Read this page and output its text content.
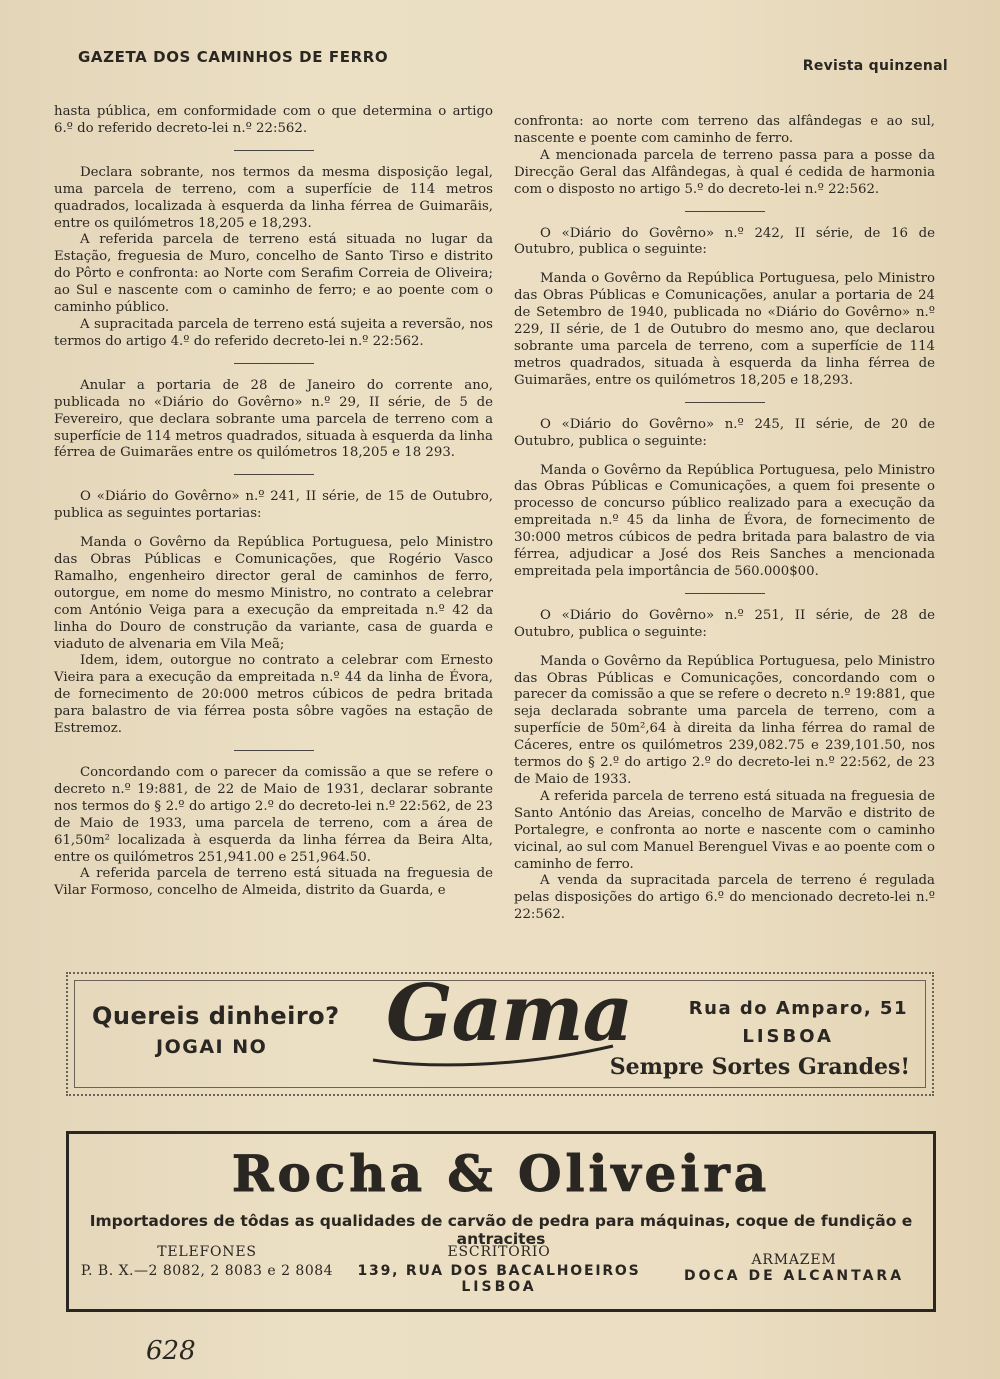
GAZETA DOS CAMINHOS DE FERRO	Revista quinzenal

hasta pública, em conformidade com o que determina o artigo 6.º do referido decreto-lei n.º 22:562.

Declara sobrante, nos termos da mesma disposição legal, uma parcela de terreno, com a superfície de 114 metros quadrados, localizada à esquerda da linha férrea de Guimarãis, entre os quilómetros 18,205 e 18,293.

A referida parcela de terreno está situada no lugar da Estação, freguesia de Muro, concelho de Santo Tirso e distrito do Pôrto e confronta: ao Norte com Serafim Correia de Oliveira; ao Sul e nascente com o caminho de ferro; e ao poente com o caminho público.

A supracitada parcela de terreno está sujeita a reversão, nos termos do artigo 4.º do referido decreto-lei n.º 22:562.

Anular a portaria de 28 de Janeiro do corrente ano, publicada no «Diário do Govêrno» n.º 29, II série, de 5 de Fevereiro, que declara sobrante uma parcela de terreno com a superfície de 114 metros quadrados, situada à esquerda da linha férrea de Guimarães entre os quilómetros 18,205 e 18 293.

O «Diário do Govêrno» n.º 241, II série, de 15 de Outubro, publica as seguintes portarias:

Manda o Govêrno da República Portuguesa, pelo Ministro das Obras Públicas e Comunicações, que Rogério Vasco Ramalho, engenheiro director geral de caminhos de ferro, outorgue, em nome do mesmo Ministro, no contrato a celebrar com António Veiga para a execução da empreitada n.º 42 da linha do Douro de construção da variante, casa de guarda e viaduto de alvenaria em Vila Meã;

Idem, idem, outorgue no contrato a celebrar com Ernesto Vieira para a execução da empreitada n.º 44 da linha de Évora, de fornecimento de 20:000 metros cúbicos de pedra britada para balastro de via férrea posta sôbre vagões na estação de Estremoz.

Concordando com o parecer da comissão a que se refere o decreto n.º 19:881, de 22 de Maio de 1931, declarar sobrante nos termos do § 2.º do artigo 2.º do decreto-lei n.º 22:562, de 23 de Maio de 1933, uma parcela de terreno, com a área de 61,50m² localizada à esquerda da linha férrea da Beira Alta, entre os quilómetros 251,941.00 e 251,964.50.

A referida parcela de terreno está situada na freguesia de Vilar Formoso, concelho de Almeida, distrito da Guarda, e

confronta: ao norte com terreno das alfândegas e ao sul, nascente e poente com caminho de ferro.

A mencionada parcela de terreno passa para a posse da Direcção Geral das Alfândegas, à qual é cedida de harmonia com o disposto no artigo 5.º do decreto-lei n.º 22:562.

O «Diário do Govêrno» n.º 242, II série, de 16 de Outubro, publica o seguinte:

Manda o Govêrno da República Portuguesa, pelo Ministro das Obras Públicas e Comunicações, anular a portaria de 24 de Setembro de 1940, publicada no «Diário do Govêrno» n.º 229, II série, de 1 de Outubro do mesmo ano, que declarou sobrante uma parcela de terreno, com a superfície de 114 metros quadrados, situada à esquerda da linha férrea de Guimarães, entre os quilómetros 18,205 e 18,293.

O «Diário do Govêrno» n.º 245, II série, de 20 de Outubro, publica o seguinte:

Manda o Govêrno da República Portuguesa, pelo Ministro das Obras Públicas e Comunicações, a quem foi presente o processo de concurso público realizado para a execução da empreitada n.º 45 da linha de Évora, de fornecimento de 30:000 metros cúbicos de pedra britada para balastro de via férrea, adjudicar a José dos Reis Sanches a mencionada empreitada pela importância de 560.000$00.

O «Diário do Govêrno» n.º 251, II série, de 28 de Outubro, publica o seguinte:

Manda o Govêrno da República Portuguesa, pelo Ministro das Obras Públicas e Comunicações, concordando com o parecer da comissão a que se refere o decreto n.º 19:881, que seja declarada sobrante uma parcela de terreno, com a superfície de 50m²,64 à direita da linha férrea do ramal de Cáceres, entre os quilómetros 239,082.75 e 239,101.50, nos termos do § 2.º do artigo 2.º do decreto-lei n.º 22:562, de 23 de Maio de 1933.

A referida parcela de terreno está situada na freguesia de Santo António das Areias, concelho de Marvão e distrito de Portalegre, e confronta ao norte e nascente com o caminho vicinal, ao sul com Manuel Berenguel Vivas e ao poente com o caminho de ferro.

A venda da supracitada parcela de terreno é regulada pelas disposições do artigo 6.º do mencionado decreto-lei n.º 22:562.

Quereis dinheiro?
JOGAI NO Gama	Rua do Amparo, 51
LISBOA
Sempre Sortes Grandes!
Rocha & Oliveira
Importadores de tôdas as qualidades de carvão de pedra para máquinas, coque de fundição e antracites
TELEFONES
P. B. X.—2 8082, 2 8083 e 2 8084
ESCRITÓRIO
139, RUA DOS BACALHOEIROS
LISBOA
ARMAZEM
DOCA DE ALCANTARA
628
